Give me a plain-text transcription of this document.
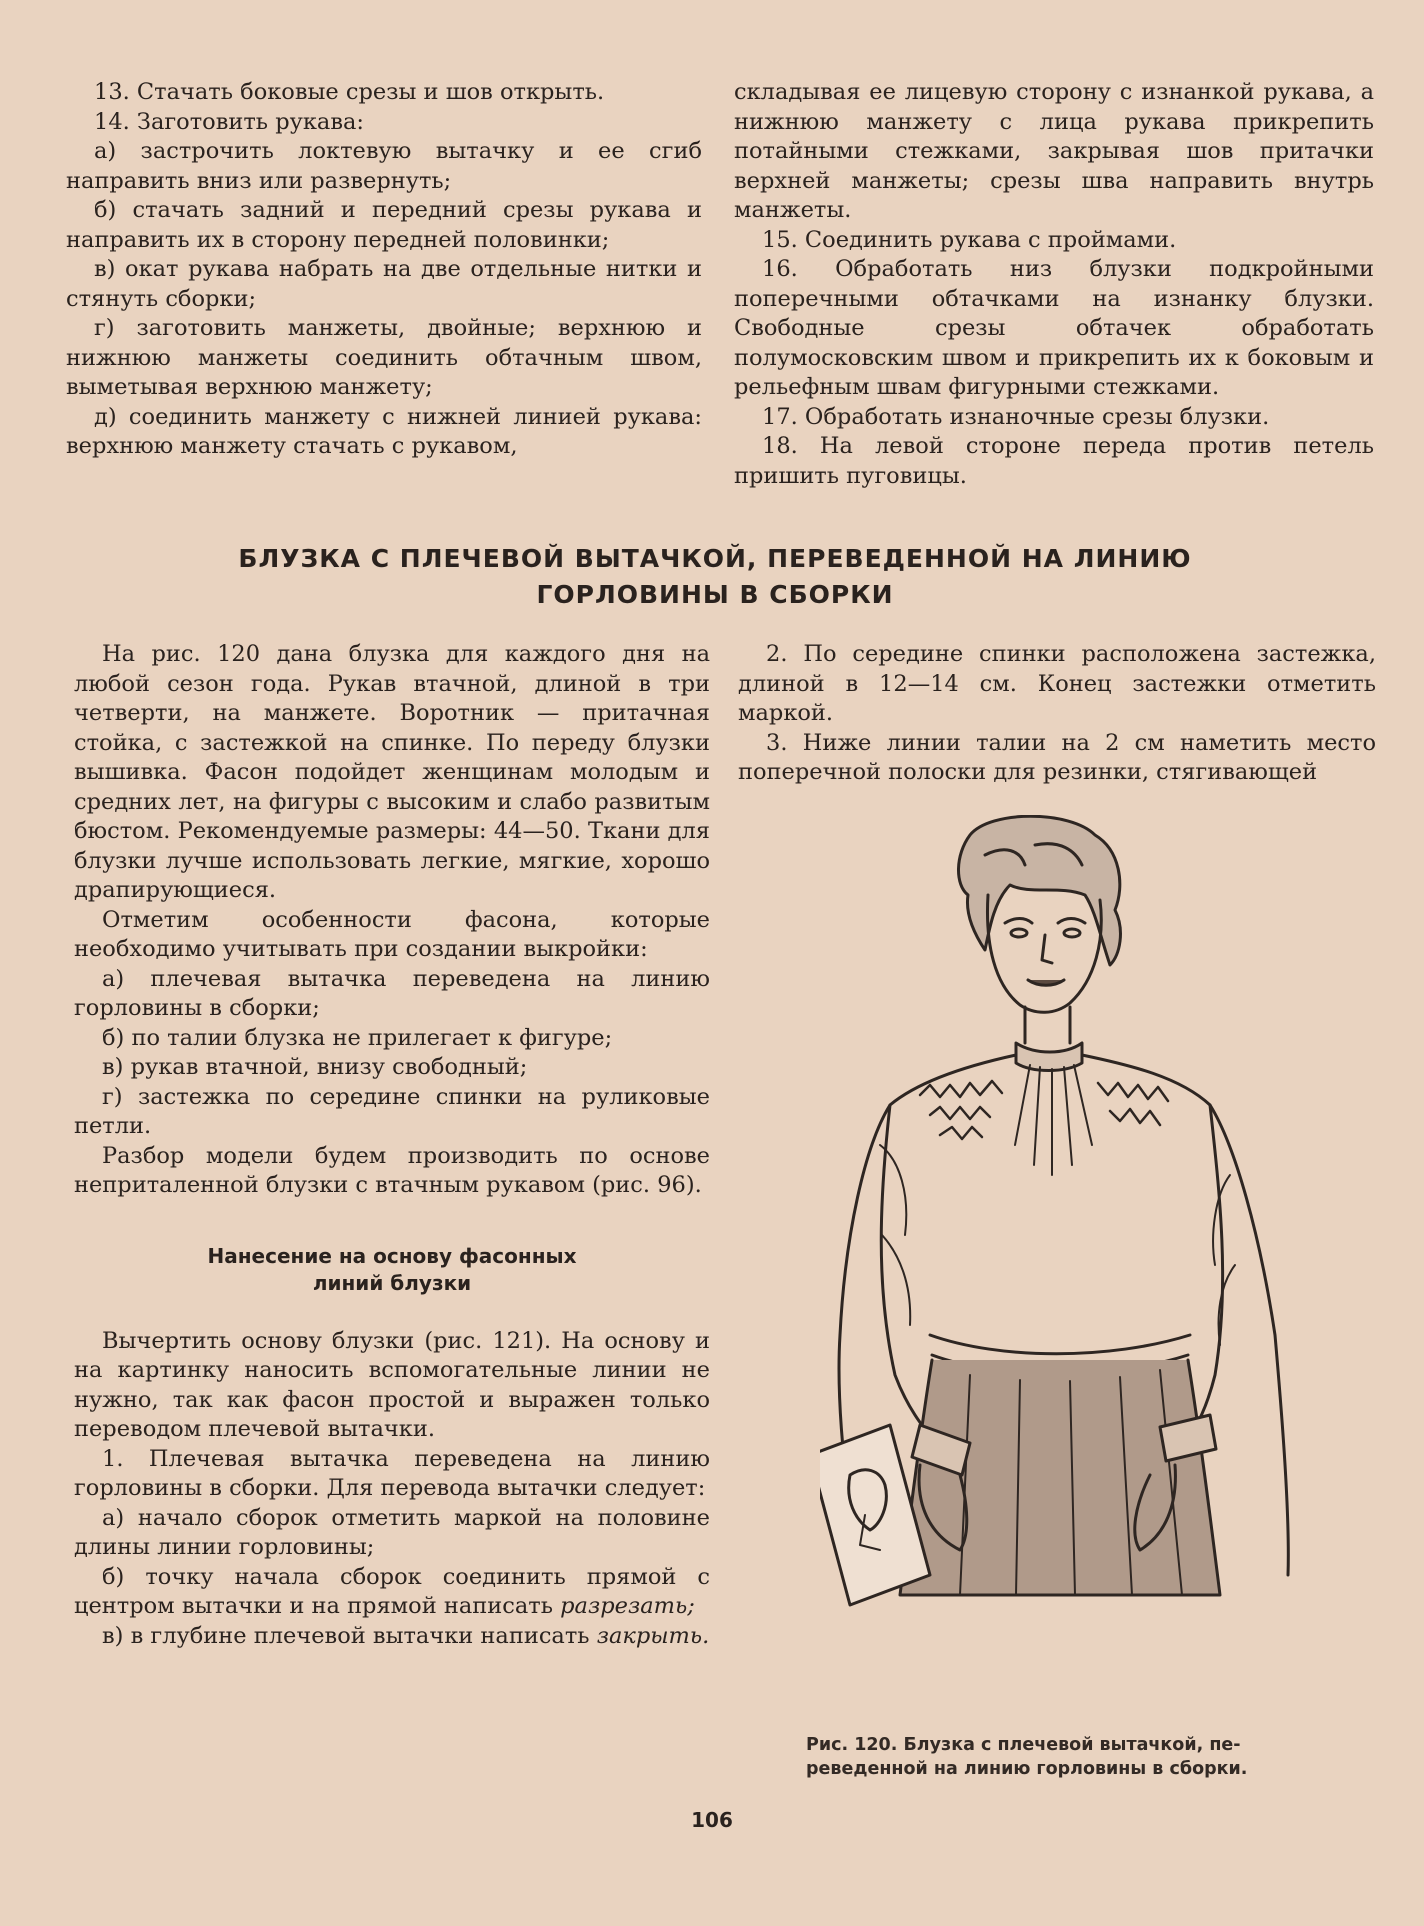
13. Стачать боковые срезы и шов открыть.

14. Заготовить рукава:

а) застрочить локтевую вытачку и ее сгиб направить вниз или развернуть;

б) стачать задний и передний срезы рукава и направить их в сторону передней половинки;

в) окат рукава набрать на две отдельные нитки и стянуть сборки;

г) заготовить манжеты, двойные; верхнюю и нижнюю манжеты соединить обтачным швом, выметывая верхнюю манжету;

д) соединить манжету с нижней линией рукава: верхнюю манжету стачать с рукавом,

складывая ее лицевую сторону с изнанкой рукава, а нижнюю манжету с лица рукава прикрепить потайными стежками, закрывая шов притачки верхней манжеты; срезы шва направить внутрь манжеты.

15. Соединить рукава с проймами.

16. Обработать низ блузки подкройными поперечными обтачками на изнанку блузки. Свободные срезы обтачек обработать полумосковским швом и прикрепить их к боковым и рельефным швам фигурными стежками.

17. Обработать изнаночные срезы блузки.

18. На левой стороне переда против петель пришить пуговицы.

БЛУЗКА С ПЛЕЧЕВОЙ ВЫТАЧКОЙ, ПЕРЕВЕДЕННОЙ НА ЛИНИЮ
ГОРЛОВИНЫ В СБОРКИ

На рис. 120 дана блузка для каждого дня на любой сезон года. Рукав втачной, длиной в три четверти, на манжете. Воротник — притачная стойка, с застежкой на спинке. По переду блузки вышивка. Фасон подойдет женщинам молодым и средних лет, на фигуры с высоким и слабо развитым бюстом. Рекомендуемые размеры: 44—50. Ткани для блузки лучше использовать легкие, мягкие, хорошо драпирующиеся.

Отметим особенности фасона, которые необходимо учитывать при создании выкройки:

а) плечевая вытачка переведена на линию горловины в сборки;

б) по талии блузка не прилегает к фигуре;

в) рукав втачной, внизу свободный;

г) застежка по середине спинки на руликовые петли.

Разбор модели будем производить по основе неприталенной блузки с втачным рукавом (рис. 96).

Нанесение на основу фасонных
линий блузки

Вычертить основу блузки (рис. 121). На основу и на картинку наносить вспомогательные линии не нужно, так как фасон простой и выражен только переводом плечевой вытачки.

1. Плечевая вытачка переведена на линию горловины в сборки. Для перевода вытачки следует:

а) начало сборок отметить маркой на половине длины линии горловины;

б) точку начала сборок соединить прямой с центром вытачки и на прямой написать разрезать;

в) в глубине плечевой вытачки написать закрыть.

2. По середине спинки расположена застежка, длиной в 12—14 см. Конец застежки отметить маркой.

3. Ниже линии талии на 2 см наметить место поперечной полоски для резинки, стягивающей

Рис. 120. Блузка с плечевой вытачкой, пе-
реведенной на линию горловины в сборки.
106
